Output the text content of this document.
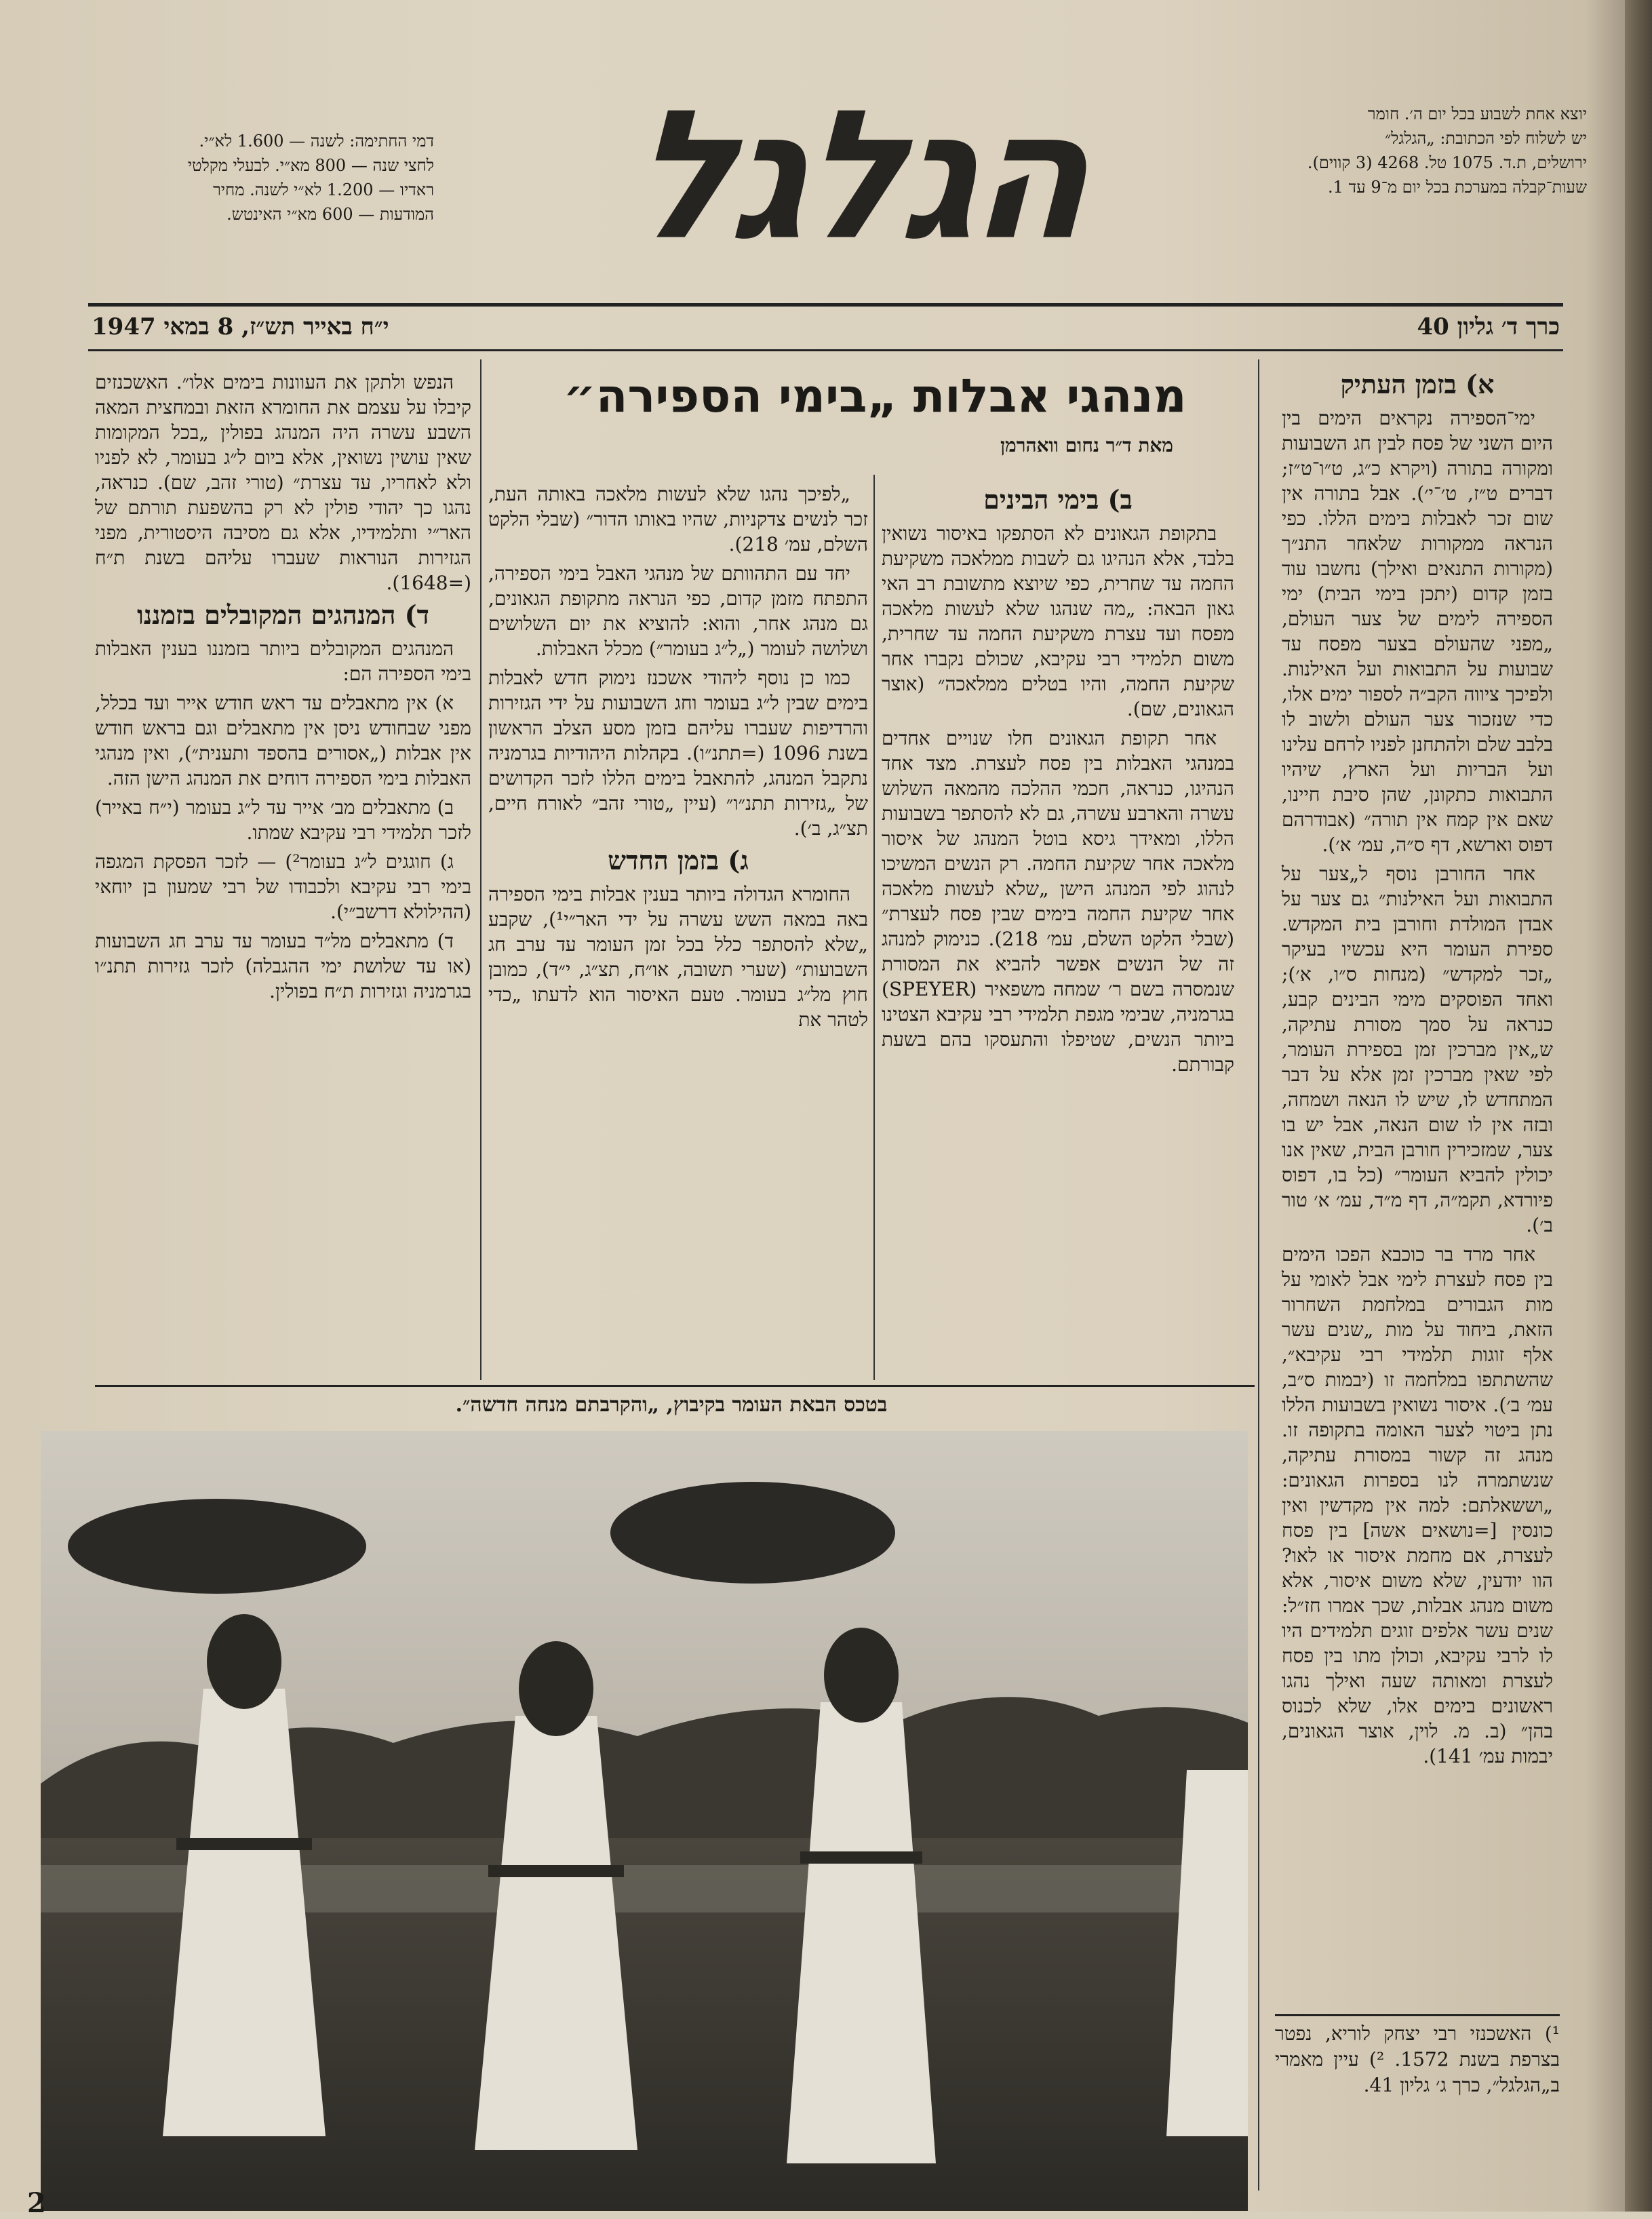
יוצא אחת לשבוע בכל יום ה׳. חומר
יש לשלוח לפי הכתובת: „הגלגל״
ירושלים, ת.ד. 1075 טל. 4268 (3 קווים).
שעות־קבלה במערכת בכל יום מ־9 עד 1.
הגלגל
דמי החתימה: לשנה — 1.600 לא״י.
לחצי שנה — 800 מא״י. לבעלי מקלטי
ראדיו — 1.200 לא״י לשנה. מחיר
המודעות — 600 מא״י האינטש.
כרך ד׳ גליון 40
י״ח באייר תש״ז, 8 במאי 1947
מנהגי אבלות „בימי הספירה״
מאת ד״ר נחום וואהרמן
א) בזמן העתיק

ימי־הספירה נקראים הימים בין היום השני של פסח לבין חג השבועות ומקורה בתורה (ויקרא כ״ג, ט״ו־ט״ז; דברים ט״ז, ט׳־י׳). אבל בתורה אין שום זכר לאבלות בימים הללו. כפי הנראה ממקורות שלאחר התנ״ך (מקורות התנאים ואילך) נחשבו עוד בזמן קדום (יתכן בימי הבית) ימי הספירה לימים של צער העולם, „מפני שהעולם בצער מפסח עד שבועות על התבואות ועל האילנות. ולפיכך ציווה הקב״ה לספור ימים אלו, כדי שנזכור צער העולם ולשוב לו בלבב שלם ולהתחנן לפניו לרחם עלינו ועל הבריות ועל הארץ, שיהיו התבואות כתקונן, שהן סיבת חיינו, שאם אין קמח אין תורה״ (אבודרהם דפוס וארשא, דף ס״ה, עמ׳ א׳).

אחר החורבן נוסף ל„צער על התבואות ועל האילנות״ גם צער על אבדן המולדת וחורבן בית המקדש. ספירת העומר היא עכשיו בעיקר „זכר למקדש״ (מנחות ס״ו, א׳); ואחד הפוסקים מימי הבינים קבע, כנראה על סמך מסורת עתיקה, ש„אין מברכין זמן בספירת העומר, לפי שאין מברכין זמן אלא על דבר המתחדש לו, שיש לו הנאה ושמחה, ובזה אין לו שום הנאה, אבל יש בו צער, שמזכירין חורבן הבית, שאין אנו יכולין להביא העומר״ (כל בו, דפוס פיורדא, תקמ״ה, דף מ״ד, עמ׳ א׳ טור ב׳).

אחר מרד בר כוכבא הפכו הימים בין פסח לעצרת לימי אבל לאומי על מות הגבורים במלחמת השחרור הזאת, ביחוד על מות „שנים עשר אלף זוגות תלמידי רבי עקיבא״, שהשתתפו במלחמה זו (יבמות ס״ב, עמ׳ ב׳). איסור נשואין בשבועות הללו נתן ביטוי לצער האומה בתקופה זו. מנהג זה קשור במסורת עתיקה, שנשתמרה לנו בספרות הגאונים: „וששאלתם: למה אין מקדשין ואין כונסין [=נושאים אשה] בין פסח לעצרת, אם מחמת איסור או לאו? הוו יודעין, שלא משום איסור, אלא משום מנהג אבלות, שכך אמרו חז״ל: שנים עשר אלפים זוגים תלמידים היו לו לרבי עקיבא, וכולן מתו בין פסח לעצרת ומאותה שעה ואילך נהגו ראשונים בימים אלו, שלא לכנוס בהן״ (ב. מ. לוין, אוצר הגאונים, יבמות עמ׳ 141).

ב) בימי הבינים

בתקופת הגאונים לא הסתפקו באיסור נשואין בלבד, אלא הנהיגו גם לשבות ממלאכה משקיעת החמה עד שחרית, כפי שיוצא מתשובת רב האי גאון הבאה: „מה שנהגו שלא לעשות מלאכה מפסח ועד עצרת משקיעת החמה עד שחרית, משום תלמידי רבי עקיבא, שכולם נקברו אחר שקיעת החמה, והיו בטלים ממלאכה״ (אוצר הגאונים, שם).

אחר תקופת הגאונים חלו שנויים אחדים במנהגי האבלות בין פסח לעצרת. מצד אחד הנהיגו, כנראה, חכמי ההלכה מהמאה השלוש עשרה והארבע עשרה, גם לא להסתפר בשבועות הללו, ומאידך גיסא בוטל המנהג של איסור מלאכה אחר שקיעת החמה. רק הנשים המשיכו לנהוג לפי המנהג הישן „שלא לעשות מלאכה אחר שקיעת החמה בימים שבין פסח לעצרת״ (שבלי הלקט השלם, עמ׳ 218). כנימוק למנהג זה של הנשים אפשר להביא את המסורת שנמסרה בשם ר׳ שמחה משפאיר (SPEYER) בגרמניה, שבימי מגפת תלמידי רבי עקיבא הצטינו ביותר הנשים, שטיפלו והתעסקו בהם בשעת קבורתם.

„לפיכך נהגו שלא לעשות מלאכה באותה העת, זכר לנשים צדקניות, שהיו באותו הדור״ (שבלי הלקט השלם, עמ׳ 218).

יחד עם התהוותם של מנהגי האבל בימי הספירה, התפתח מזמן קדום, כפי הנראה מתקופת הגאונים, גם מנהג אחר, והוא: להוציא את יום השלושים ושלושה לעומר („ל״ג בעומר״) מכלל האבלות.

כמו כן נוסף ליהודי אשכנז נימוק חדש לאבלות בימים שבין ל״ג בעומר וחג השבועות על ידי הגזירות והרדיפות שעברו עליהם בזמן מסע הצלב הראשון בשנת 1096 (=תתנ״ו). בקהלות היהודיות בגרמניה נתקבל המנהג, להתאבל בימים הללו לזכר הקדושים של „גזירות תתנ״ו״ (עיין „טורי זהב״ לאורח חיים, תצ״ג, ב׳).

ג) בזמן החדש

החומרא הגדולה ביותר בענין אבלות בימי הספירה באה במאה השש עשרה על ידי האר״י¹), שקבע „שלא להסתפר כלל בכל זמן העומר עד ערב חג השבועות״ (שערי תשובה, או״ח, תצ״ג, י״ד), כמובן חוץ מל״ג בעומר. טעם האיסור הוא לדעתו „כדי לטהר את

הנפש ולתקן את העוונות בימים אלו״. האשכנזים קיבלו על עצמם את החומרא הזאת ובמחצית המאה השבע עשרה היה המנהג בפולין „בכל המקומות שאין עושין נשואין, אלא ביום ל״ג בעומר, לא לפניו ולא לאחריו, עד עצרת״ (טורי זהב, שם). כנראה, נהגו כך יהודי פולין לא רק בהשפעת תורתם של האר״י ותלמידיו, אלא גם מסיבה היסטורית, מפני הגזירות הנוראות שעברו עליהם בשנת ת״ח (=1648).

ד) המנהגים המקובלים בזמננו

המנהגים המקובלים ביותר בזמננו בענין האבלות בימי הספירה הם:

א) אין מתאבלים עד ראש חודש אייר ועד בכלל, מפני שבחודש ניסן אין מתאבלים וגם בראש חודש אין אבלות („אסורים בהספד ותענית״), ואין מנהגי האבלות בימי הספירה דוחים את המנהג הישן הזה.

ב) מתאבלים מב׳ אייר עד ל״ג בעומר (י״ח באייר) לזכר תלמידי רבי עקיבא שמתו.

ג) חוגגים ל״ג בעומר²) — לזכר הפסקת המגפה בימי רבי עקיבא ולכבודו של רבי שמעון בן יוחאי (ההילולא דרשב״י).

ד) מתאבלים מל״ד בעומר עד ערב חג השבועות (או עד שלושת ימי ההגבלה) לזכר גזירות תתנ״ו בגרמניה וגזירות ת״ח בפולין.

בטכס הבאת העומר בקיבוץ, „והקרבתם מנחה חדשה״.
¹) האשכנזי רבי יצחק לוריא, נפטר בצרפת בשנת 1572. ²) עיין מאמרי ב„הגלגל״, כרך ג׳ גליון 41.
2
